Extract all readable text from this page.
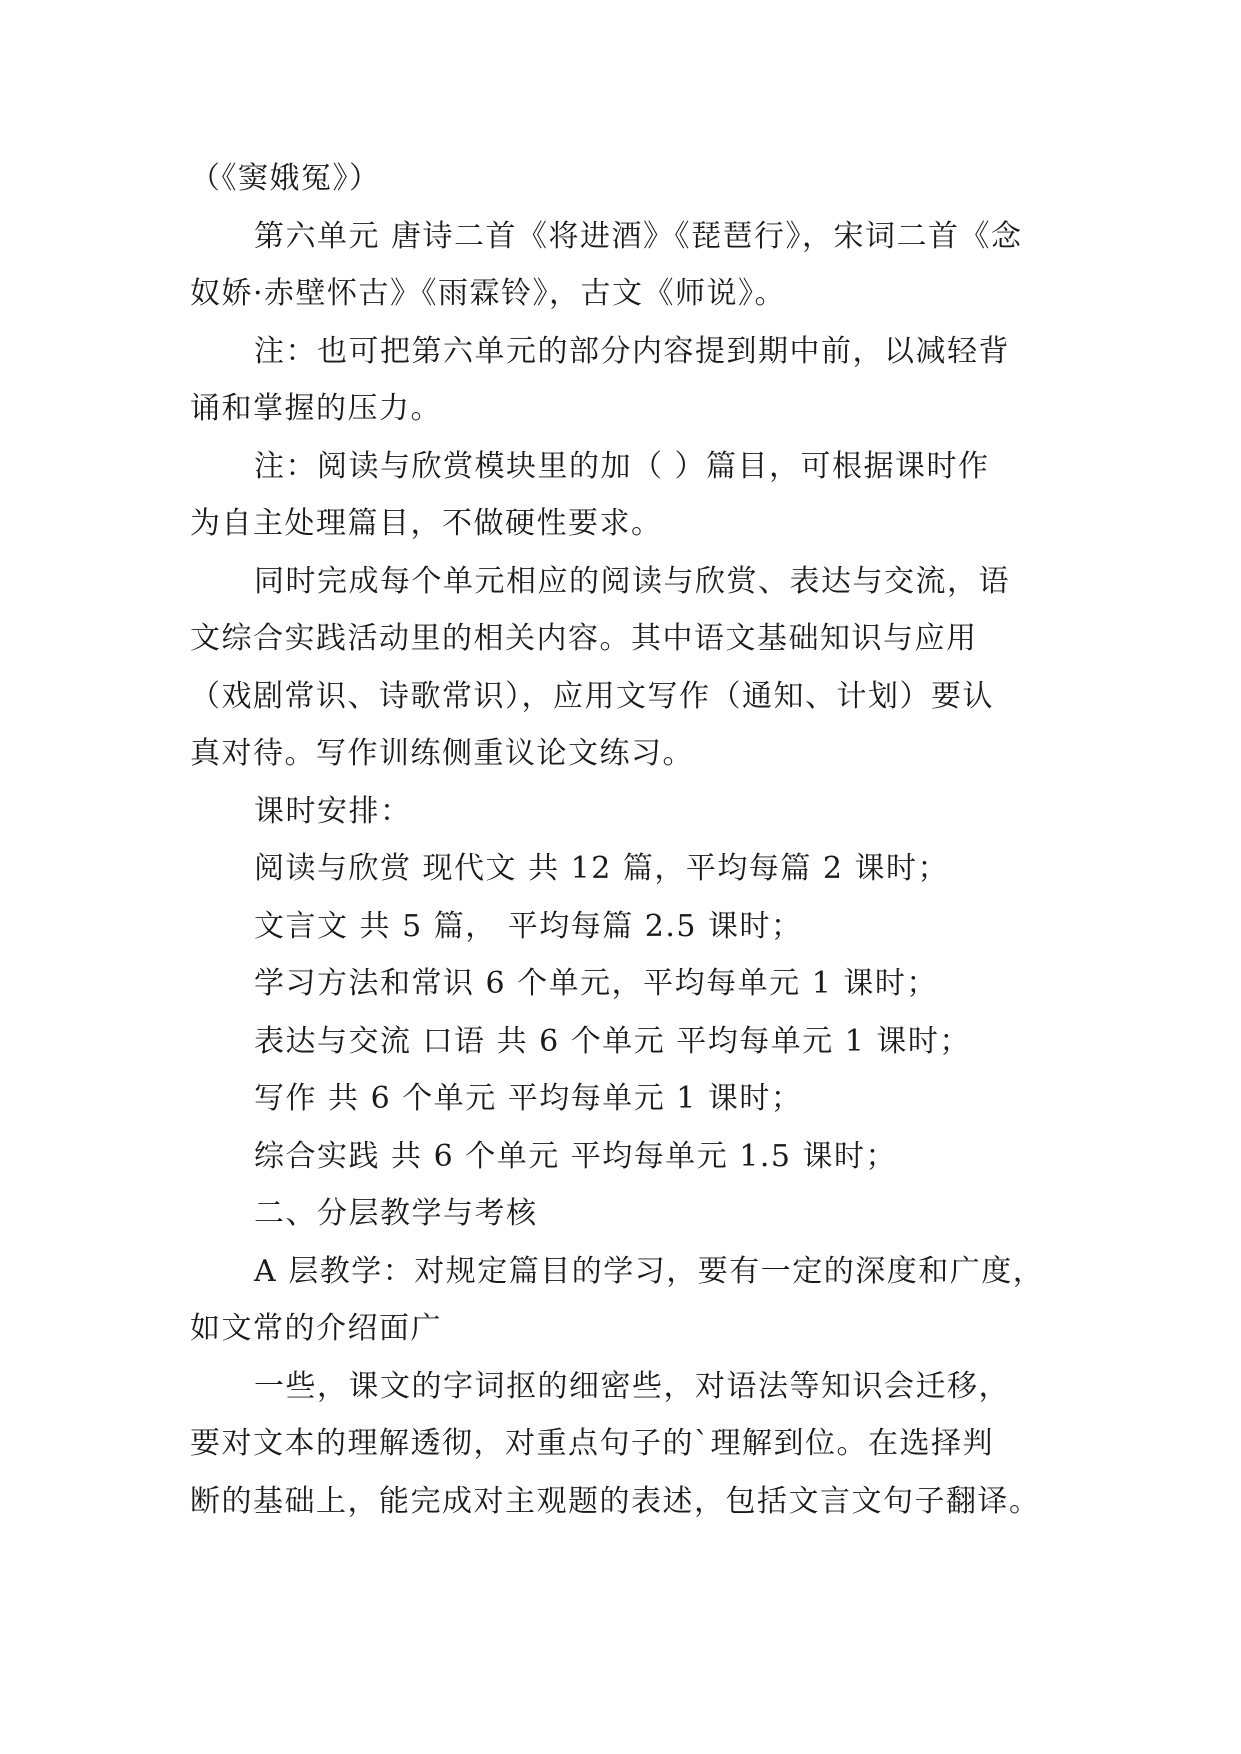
（《窦娥冤》）
第六单元 唐诗二首《将进酒》《琵琶行》，宋词二首《念
奴娇·赤壁怀古》《雨霖铃》，古文《师说》。
注：也可把第六单元的部分内容提到期中前，以减轻背
诵和掌握的压力。
注：阅读与欣赏模块里的加（ ）篇目，可根据课时作
为自主处理篇目，不做硬性要求。
同时完成每个单元相应的阅读与欣赏、表达与交流，语
文综合实践活动里的相关内容。其中语文基础知识与应用
（戏剧常识、诗歌常识），应用文写作（通知、计划）要认
真对待。写作训练侧重议论文练习。
课时安排：
阅读与欣赏 现代文 共 12 篇，平均每篇 2 课时；
文言文 共 5 篇， 平均每篇 2.5 课时；
学习方法和常识 6 个单元，平均每单元 1 课时；
表达与交流 口语 共 6 个单元 平均每单元 1 课时；
写作 共 6 个单元 平均每单元 1 课时；
综合实践 共 6 个单元 平均每单元 1.5 课时；
二、分层教学与考核
A 层教学：对规定篇目的学习，要有一定的深度和广度，
如文常的介绍面广
一些，课文的字词抠的细密些，对语法等知识会迁移，
要对文本的理解透彻，对重点句子的`理解到位。在选择判
断的基础上，能完成对主观题的表述，包括文言文句子翻译。
